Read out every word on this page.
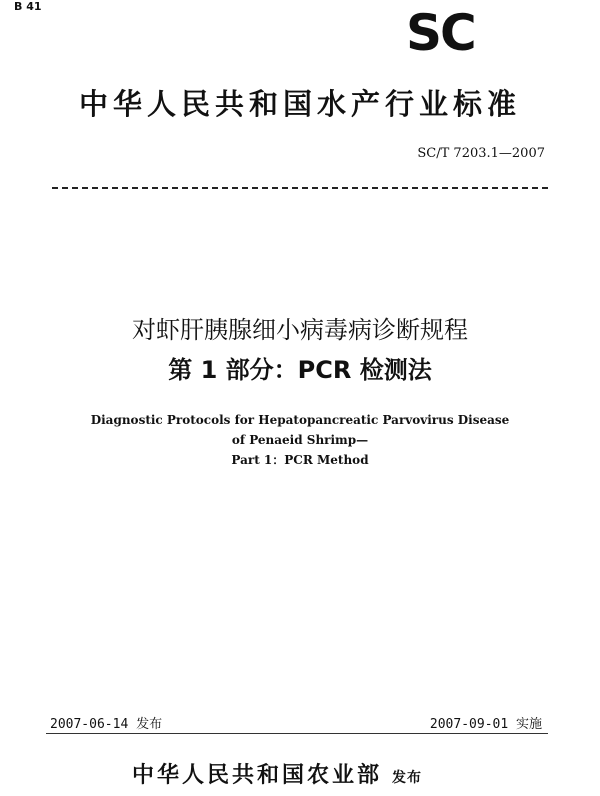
B 41	SC
中华人民共和国水产行业标准
SC/T 7203.1—2007
对虾肝胰腺细小病毒病诊断规程
第 1 部分：PCR 检测法
Diagnostic Protocols for Hepatopancreatic Parvovirus Disease
of Penaeid Shrimp—
Part 1：PCR Method
2007-06-14 发布	2007-09-01 实施
中华人民共和国农业部 发布
